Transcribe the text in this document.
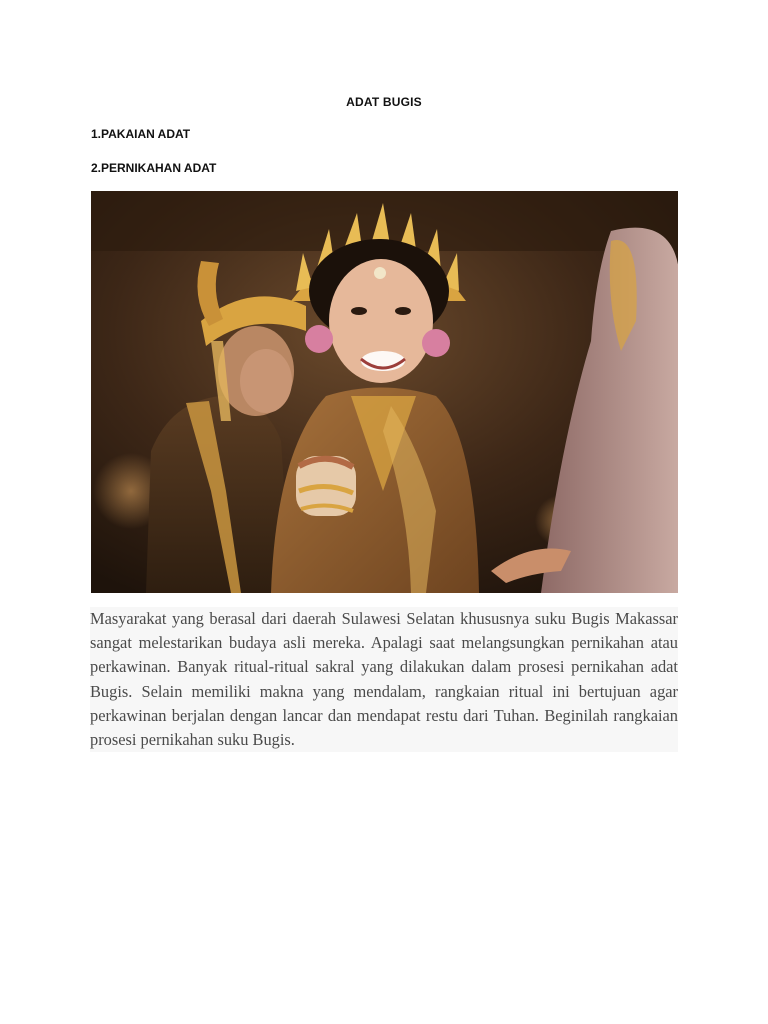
ADAT BUGIS
1.PAKAIAN ADAT
2.PERNIKAHAN ADAT

Masyarakat yang berasal dari daerah Sulawesi Selatan khususnya suku Bugis Makassar sangat melestarikan budaya asli mereka. Apalagi saat melangsungkan pernikahan atau perkawinan. Banyak ritual-ritual sakral yang dilakukan dalam prosesi pernikahan adat Bugis. Selain memiliki makna yang mendalam, rangkaian ritual ini bertujuan agar perkawinan berjalan dengan lancar dan mendapat restu dari Tuhan. Beginilah rangkaian prosesi pernikahan suku Bugis.
